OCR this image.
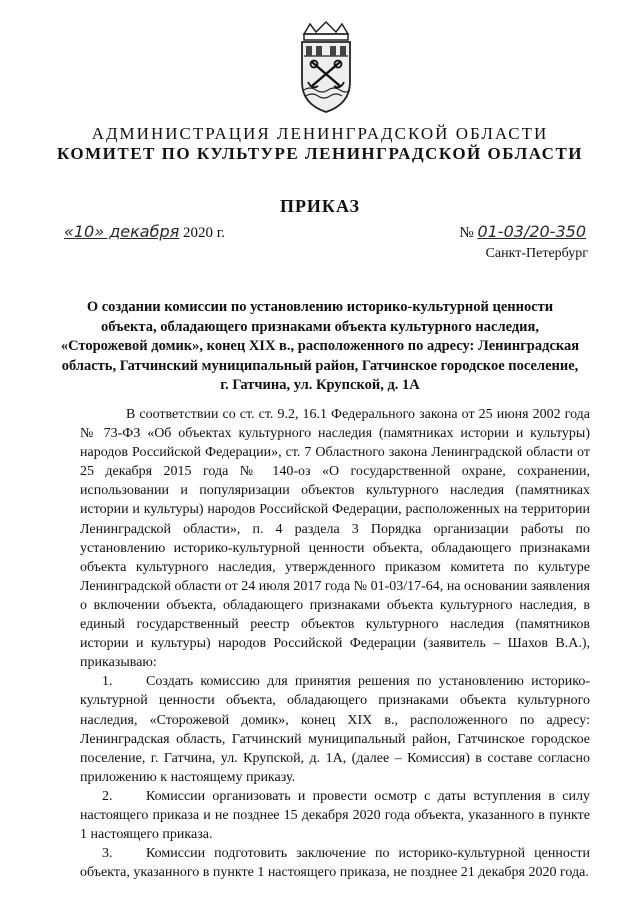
АДМИНИСТРАЦИЯ ЛЕНИНГРАДСКОЙ ОБЛАСТИ
КОМИТЕТ ПО КУЛЬТУРЕ ЛЕНИНГРАДСКОЙ ОБЛАСТИ
ПРИКАЗ
«10» декабря 2020 г.	№ 01-03/20-350
Санкт-Петербург
О создании комиссии по установлению историко-культурной ценности объекта, обладающего признаками объекта культурного наследия, «Сторожевой домик», конец XIX в., расположенного по адресу: Ленинградская область, Гатчинский муниципальный район, Гатчинское городское поселение, г. Гатчина, ул. Крупской, д. 1А

В соответствии со ст. ст. 9.2, 16.1 Федерального закона от 25 июня 2002 года № 73-ФЗ «Об объектах культурного наследия (памятниках истории и культуры) народов Российской Федерации», ст. 7 Областного закона Ленинградской области от 25 декабря 2015 года № 140-оз «О государственной охране, сохранении, использовании и популяризации объектов культурного наследия (памятниках истории и культуры) народов Российской Федерации, расположенных на территории Ленинградской области», п. 4 раздела 3 Порядка организации работы по установлению историко-культурной ценности объекта, обладающего признаками объекта культурного наследия, утвержденного приказом комитета по культуре Ленинградской области от 24 июля 2017 года № 01-03/17-64, на основании заявления о включении объекта, обладающего признаками объекта культурного наследия, в единый государственный реестр объектов культурного наследия (памятников истории и культуры) народов Российской Федерации (заявитель – Шахов В.А.), приказываю:

1. Создать комиссию для принятия решения по установлению историко-культурной ценности объекта, обладающего признаками объекта культурного наследия, «Сторожевой домик», конец XIX в., расположенного по адресу: Ленинградская область, Гатчинский муниципальный район, Гатчинское городское поселение, г. Гатчина, ул. Крупской, д. 1А, (далее – Комиссия) в составе согласно приложению к настоящему приказу.

2. Комиссии организовать и провести осмотр с даты вступления в силу настоящего приказа и не позднее 15 декабря 2020 года объекта, указанного в пункте 1 настоящего приказа.

3. Комиссии подготовить заключение по историко-культурной ценности объекта, указанного в пункте 1 настоящего приказа, не позднее 21 декабря 2020 года.
